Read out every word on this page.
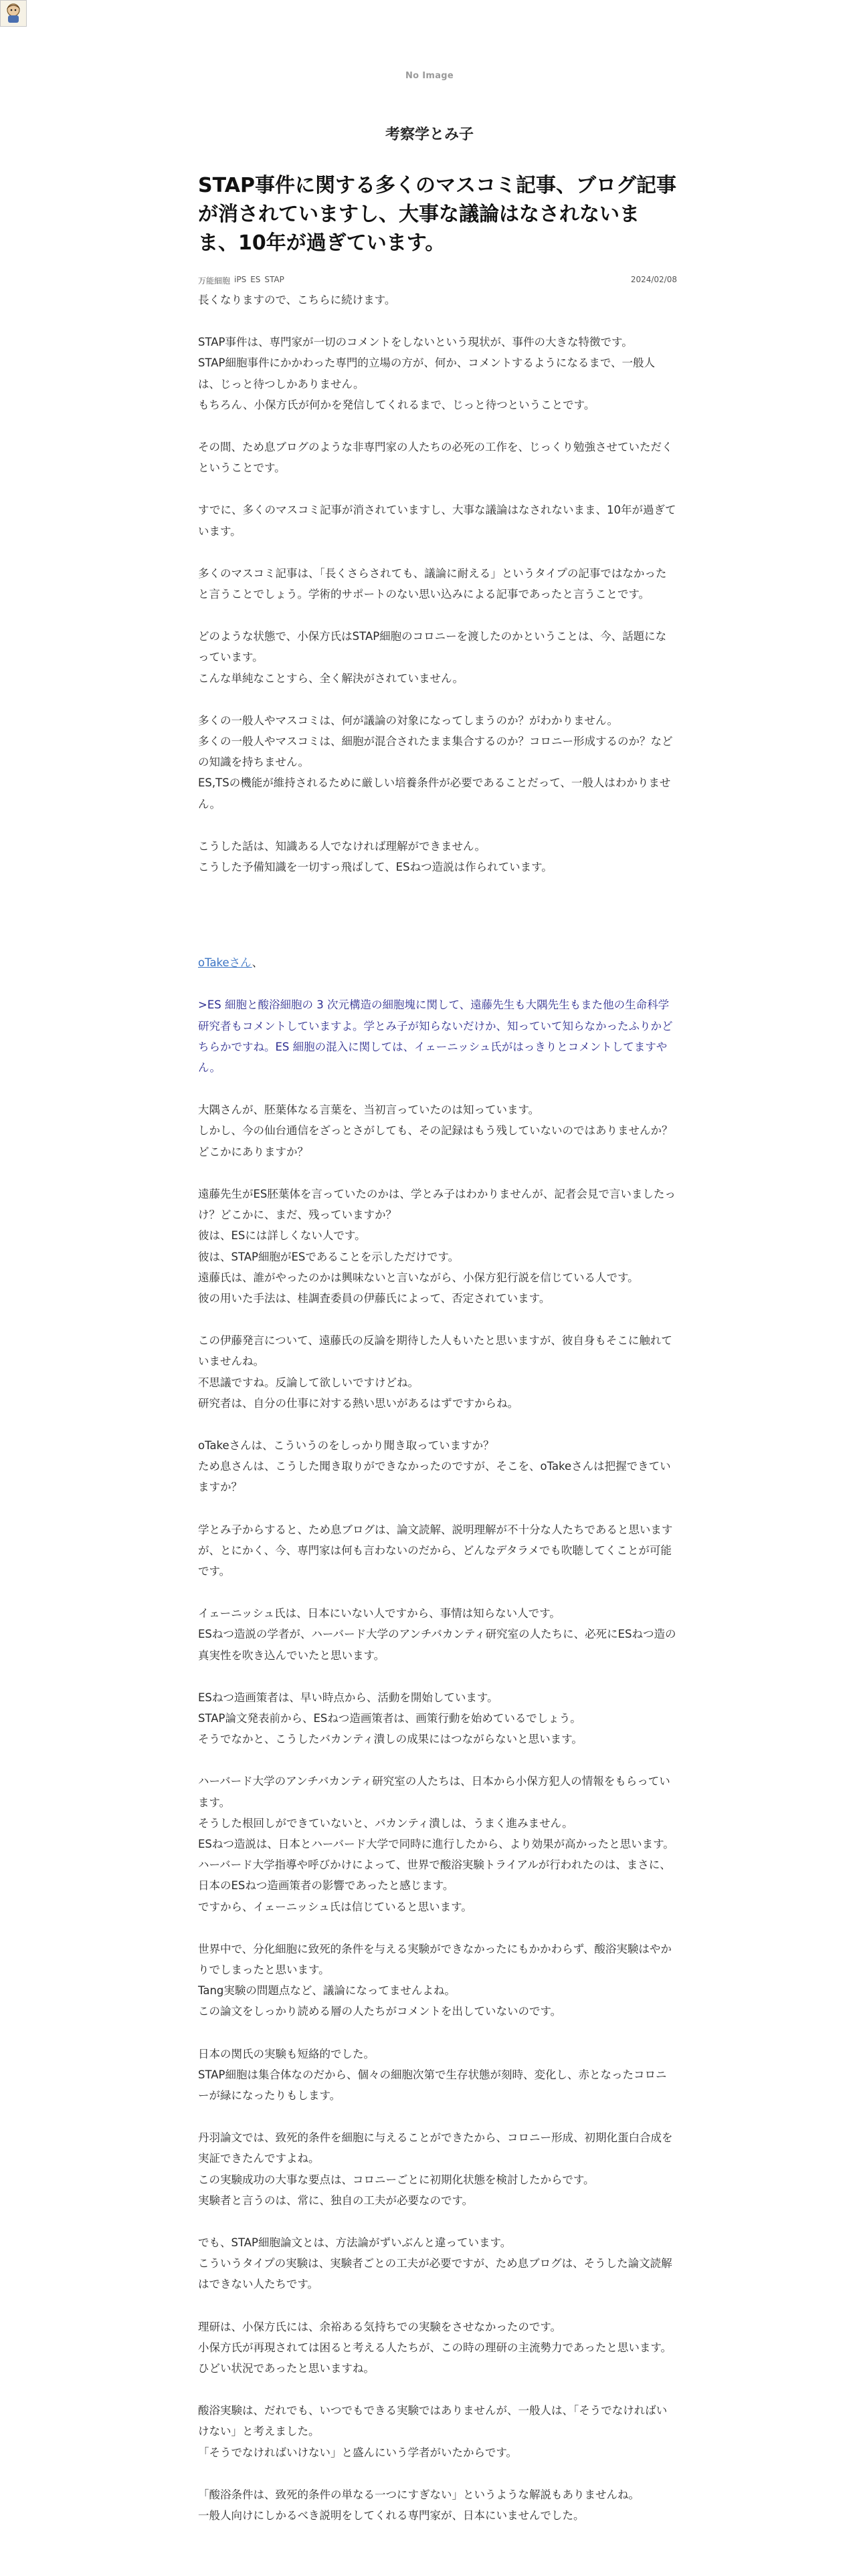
No Image
考察学とみ子
STAP事件に関する多くのマスコミ記事、ブログ記事が消されていますし、大事な議論はなされないまま、10年が過ぎています。
万能細胞 iPS ES STAP	2024/02/08
長くなりますので、こちらに続けます。
STAP事件は、専門家が一切のコメントをしないという現状が、事件の大きな特徴です。
STAP細胞事件にかかわった専門的立場の方が、何か、コメントするようになるまで、一般人は、じっと待つしかありません。
もちろん、小保方氏が何かを発信してくれるまで、じっと待つということです。
その間、ため息ブログのような非専門家の人たちの必死の工作を、じっくり勉強させていただくということです。
すでに、多くのマスコミ記事が消されていますし、大事な議論はなされないまま、10年が過ぎています。
多くのマスコミ記事は、「長くさらされても、議論に耐える」というタイプの記事ではなかったと言うことでしょう。学術的サポートのない思い込みによる記事であったと言うことです。
どのような状態で、小保方氏はSTAP細胞のコロニーを渡したのかということは、今、話題になっています。
こんな単純なことすら、全く解決がされていません。
多くの一般人やマスコミは、何が議論の対象になってしまうのか？がわかりません。
多くの一般人やマスコミは、細胞が混合されたまま集合するのか？コロニー形成するのか？などの知識を持ちません。
ES,TSの機能が維持されるために厳しい培養条件が必要であることだって、一般人はわかりません。
こうした話は、知識ある人でなければ理解ができません。
こうした予備知識を一切すっ飛ばして、ESねつ造説は作られています。
oTakeさん、
>ES 細胞と酸浴細胞の 3 次元構造の細胞塊に関して、遠藤先生も大隅先生もまた他の生命科学研究者もコメントしていますよ。学とみ子が知らないだけか、知っていて知らなかったふりかどちらかですね。ES 細胞の混入に関しては、イェーニッシュ氏がはっきりとコメントしてますやん。
大隅さんが、胚葉体なる言葉を、当初言っていたのは知っています。
しかし、今の仙台通信をざっとさがしても、その記録はもう残していないのではありませんか？
どこかにありますか？
遠藤先生がES胚葉体を言っていたのかは、学とみ子はわかりませんが、記者会見で言いましたっけ？どこかに、まだ、残っていますか？
彼は、ESには詳しくない人です。
彼は、STAP細胞がESであることを示しただけです。
遠藤氏は、誰がやったのかは興味ないと言いながら、小保方犯行説を信じている人です。
彼の用いた手法は、桂調査委員の伊藤氏によって、否定されています。
この伊藤発言について、遠藤氏の反論を期待した人もいたと思いますが、彼自身もそこに触れていませんね。
不思議ですね。反論して欲しいですけどね。
研究者は、自分の仕事に対する熱い思いがあるはずですからね。
oTakeさんは、こういうのをしっかり聞き取っていますか？
ため息さんは、こうした聞き取りができなかったのですが、そこを、oTakeさんは把握できていますか？
学とみ子からすると、ため息ブログは、論文読解、説明理解が不十分な人たちであると思いますが、とにかく、今、専門家は何も言わないのだから、どんなデタラメでも吹聴してくことが可能です。
イェーニッシュ氏は、日本にいない人ですから、事情は知らない人です。
ESねつ造説の学者が、ハーバード大学のアンチバカンティ研究室の人たちに、必死にESねつ造の真実性を吹き込んでいたと思います。
ESねつ造画策者は、早い時点から、活動を開始しています。
STAP論文発表前から、ESねつ造画策者は、画策行動を始めているでしょう。
そうでなかと、こうしたバカンティ潰しの成果にはつながらないと思います。
ハーバード大学のアンチバカンティ研究室の人たちは、日本から小保方犯人の情報をもらっています。
そうした根回しができていないと、バカンティ潰しは、うまく進みません。
ESねつ造説は、日本とハーバード大学で同時に進行したから、より効果が高かったと思います。
ハーバード大学指導や呼びかけによって、世界で酸浴実験トライアルが行われたのは、まさに、日本のESねつ造画策者の影響であったと感じます。
ですから、イェーニッシュ氏は信じていると思います。
世界中で、分化細胞に致死的条件を与える実験ができなかったにもかかわらず、酸浴実験はやかりでしまったと思います。
Tang実験の問題点など、議論になってませんよね。
この論文をしっかり読める層の人たちがコメントを出していないのです。
日本の関氏の実験も短絡的でした。
STAP細胞は集合体なのだから、個々の細胞次第で生存状態が刻時、変化し、赤となったコロニーが緑になったりもします。
丹羽論文では、致死的条件を細胞に与えることができたから、コロニー形成、初期化蛋白合成を実証できたんですよね。
この実験成功の大事な要点は、コロニーごとに初期化状態を検討したからです。
実験者と言うのは、常に、独自の工夫が必要なのです。
でも、STAP細胞論文とは、方法論がずいぶんと違っています。
こういうタイプの実験は、実験者ごとの工夫が必要ですが、ため息ブログは、そうした論文読解はできない人たちです。
理研は、小保方氏には、余裕ある気持ちでの実験をさせなかったのです。
小保方氏が再現されては困ると考える人たちが、この時の理研の主流勢力であったと思います。
ひどい状況であったと思いますね。
酸浴実験は、だれでも、いつでもできる実験ではありませんが、一般人は、「そうでなければいけない」と考えました。
「そうでなければいけない」と盛んにいう学者がいたからです。
「酸浴条件は、致死的条件の単なる一つにすぎない」というような解説もありませんね。
一般人向けにしかるべき説明をしてくれる専門家が、日本にいませんでした。
